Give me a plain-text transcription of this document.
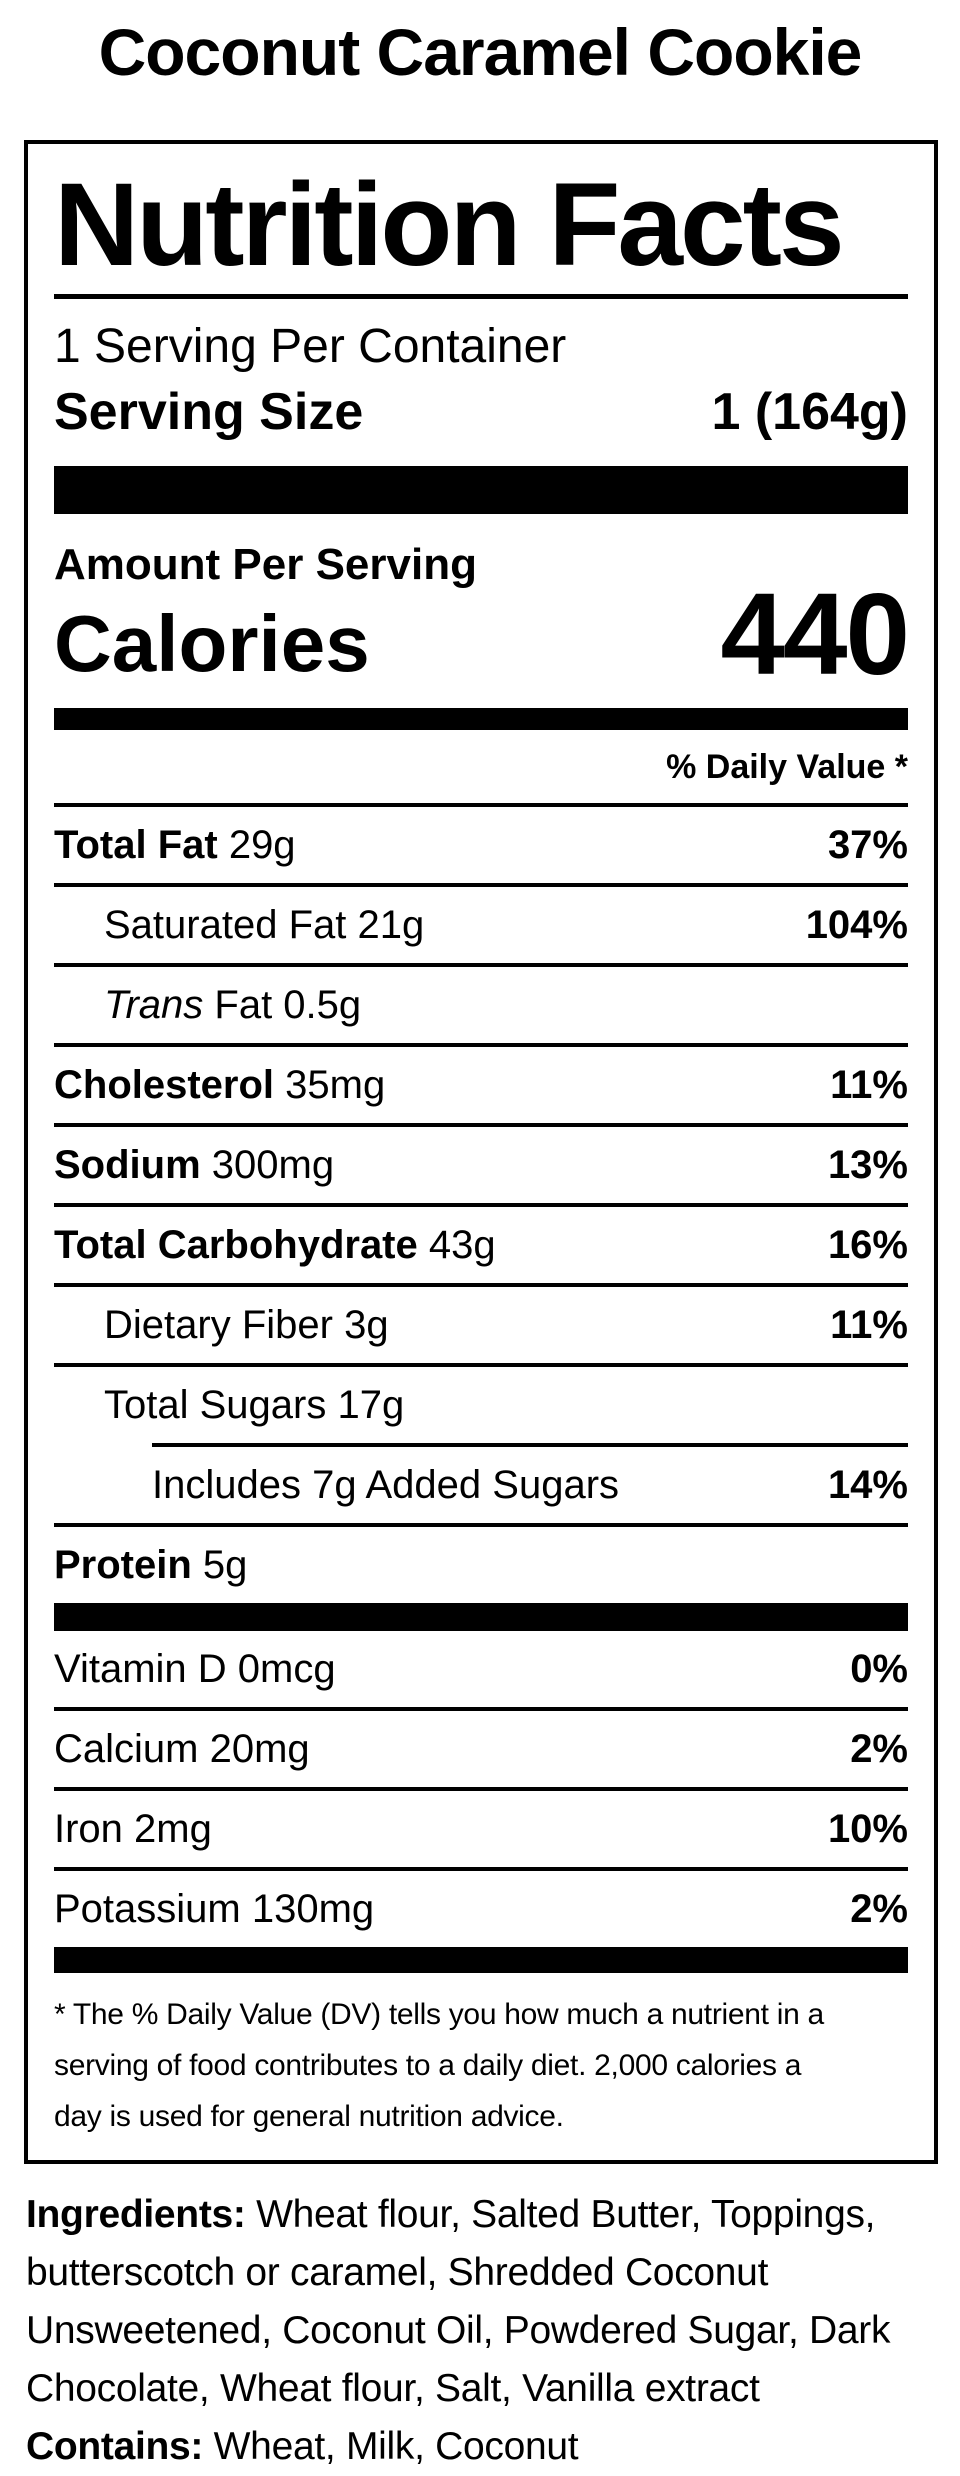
Coconut Caramel Cookie
Nutrition Facts
1 Serving Per Container
Serving Size	1 (164g)
Amount Per Serving
Calories	440
% Daily Value *
Total Fat 29g	37%
Saturated Fat 21g	104%
Trans Fat 0.5g
Cholesterol 35mg	11%
Sodium 300mg	13%
Total Carbohydrate 43g	16%
Dietary Fiber 3g	11%
Total Sugars 17g
Includes 7g Added Sugars	14%
Protein 5g
Vitamin D 0mcg	0%
Calcium 20mg	2%
Iron 2mg	10%
Potassium 130mg	2%
* The % Daily Value (DV) tells you how much a nutrient in a
serving of food contributes to a daily diet. 2,000 calories a
day is used for general nutrition advice.
Ingredients: Wheat flour, Salted Butter, Toppings,
butterscotch or caramel, Shredded Coconut
Unsweetened, Coconut Oil, Powdered Sugar, Dark
Chocolate, Wheat flour, Salt, Vanilla extract
Contains: Wheat, Milk, Coconut
